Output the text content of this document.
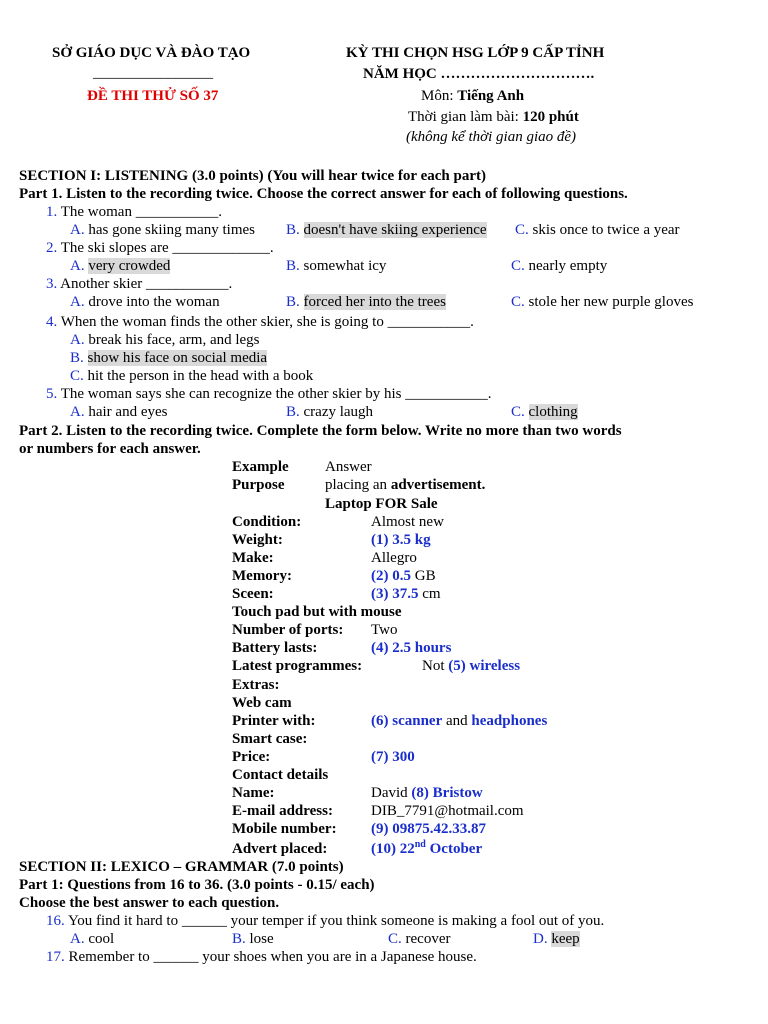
SỞ GIÁO DỤC VÀ ĐÀO TẠO
________________
ĐỀ THI THỬ SỐ 37
KỲ THI CHỌN HSG LỚP 9 CẤP TỈNH
NĂM HỌC ………………………….
Môn: Tiếng Anh
Thời gian làm bài: 120 phút
(không kể thời gian giao đề)
SECTION I: LISTENING (3.0 points) (You will hear twice for each part)
Part 1. Listen to the recording twice. Choose the correct answer for each of following questions.
1. The woman ___________.
A. has gone skiing many times B. doesn't have skiing experience C. skis once to twice a year
2. The ski slopes are _____________.
A. very crowded	B. somewhat icy	C. nearly empty
3. Another skier ___________.
A. drove into the woman	B. forced her into the trees	C. stole her new purple gloves
4. When the woman finds the other skier, she is going to ___________.
A. break his face, arm, and legs
B. show his face on social media
C. hit the person in the head with a book
5. The woman says she can recognize the other skier by his ___________.
A. hair and eyes	B. crazy laugh	C. clothing
Part 2. Listen to the recording twice. Complete the form below. Write no more than two words
or numbers for each answer.
Example Answer
Purpose	placing an advertisement.
Laptop FOR Sale
Condition:	Almost new
Weight:	(1) 3.5 kg
Make:	Allegro
Memory:	(2) 0.5 GB
Sceen:	(3) 37.5 cm
Touch pad but with mouse
Number of ports: Two
Battery lasts:	(4) 2.5 hours
Latest programmes:	Not (5) wireless
Extras:
Web cam
Printer with:	(6) scanner and headphones
Smart case:
Price:	(7) 300
Contact details
Name:	David (8) Bristow
E-mail address:	DIB_7791@hotmail.com
Mobile number: (9) 09875.42.33.87
Advert placed:	(10) 22nd October
SECTION II: LEXICO – GRAMMAR (7.0 points)
Part 1: Questions from 16 to 36. (3.0 points - 0.15/ each)
Choose the best answer to each question.
16. You find it hard to ______ your temper if you think someone is making a fool out of you.
A. cool	B. lose	C. recover	D. keep
17. Remember to ______ your shoes when you are in a Japanese house.
